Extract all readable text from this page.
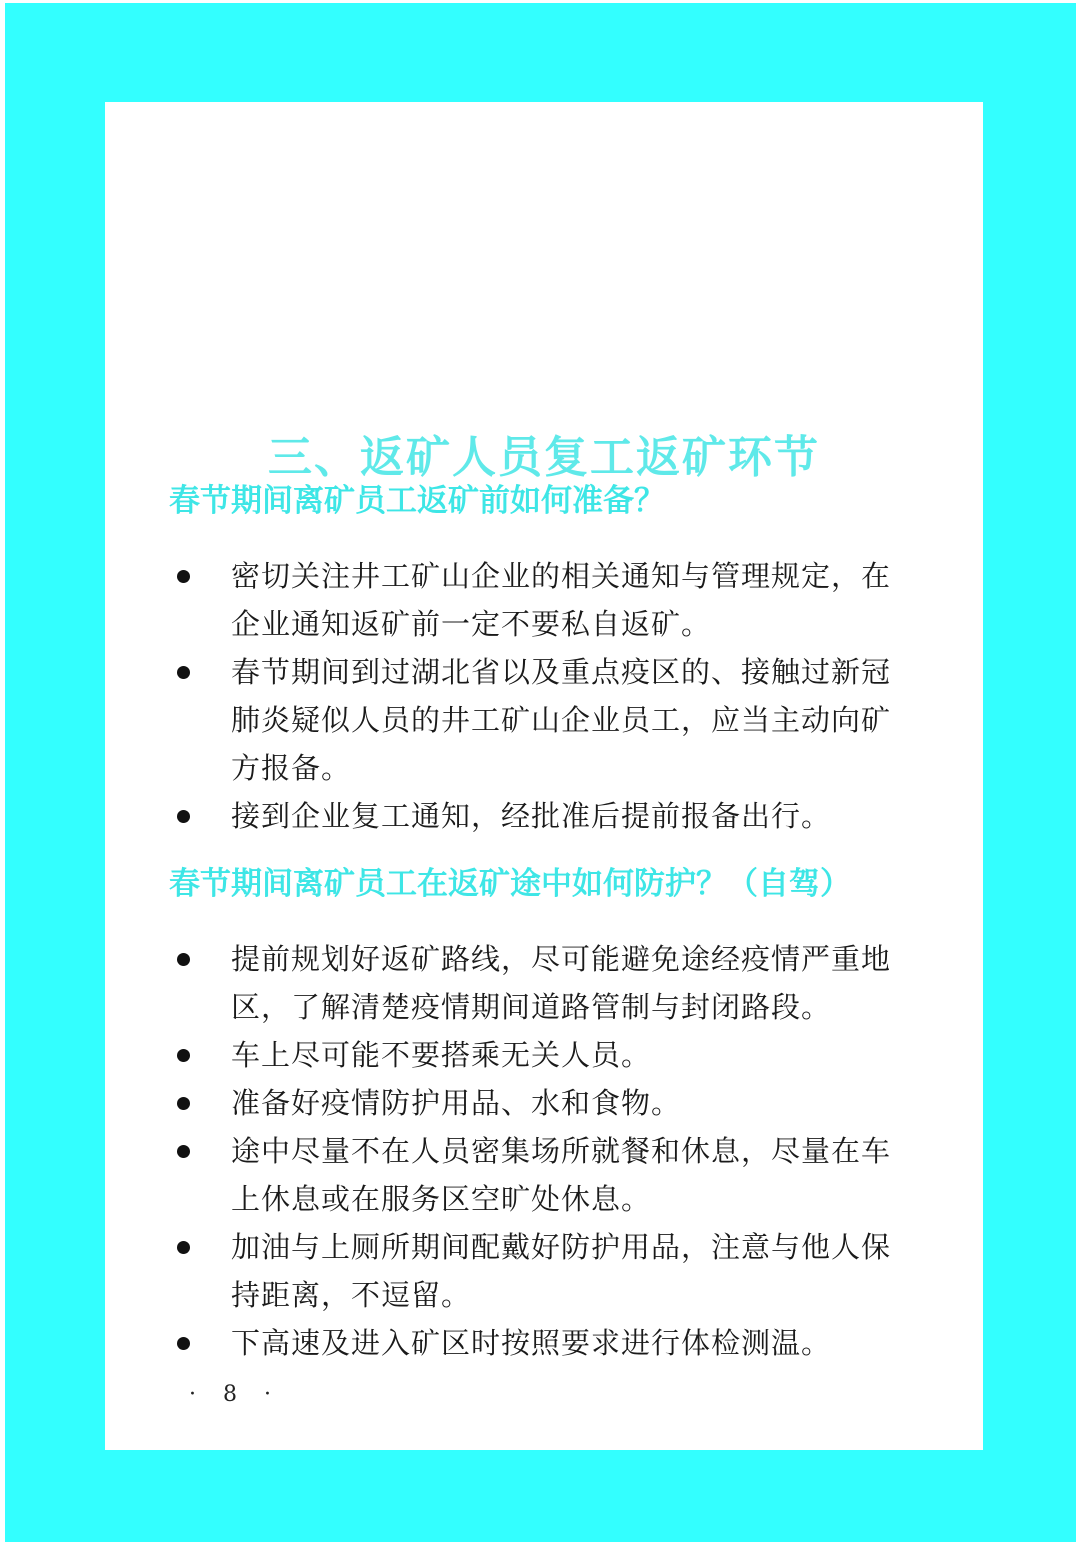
三、返矿人员复工返矿环节
春节期间离矿员工返矿前如何准备？
密切关注井工矿山企业的相关通知与管理规定，在企业通知返矿前一定不要私自返矿。
春节期间到过湖北省以及重点疫区的、接触过新冠肺炎疑似人员的井工矿山企业员工，应当主动向矿方报备。
接到企业复工通知，经批准后提前报备出行。
春节期间离矿员工在返矿途中如何防护？（自驾）
提前规划好返矿路线，尽可能避免途经疫情严重地区，了解清楚疫情期间道路管制与封闭路段。
车上尽可能不要搭乘无关人员。
准备好疫情防护用品、水和食物。
途中尽量不在人员密集场所就餐和休息，尽量在车上休息或在服务区空旷处休息。
加油与上厕所期间配戴好防护用品，注意与他人保持距离，不逗留。
下高速及进入矿区时按照要求进行体检测温。
· 8 ·
